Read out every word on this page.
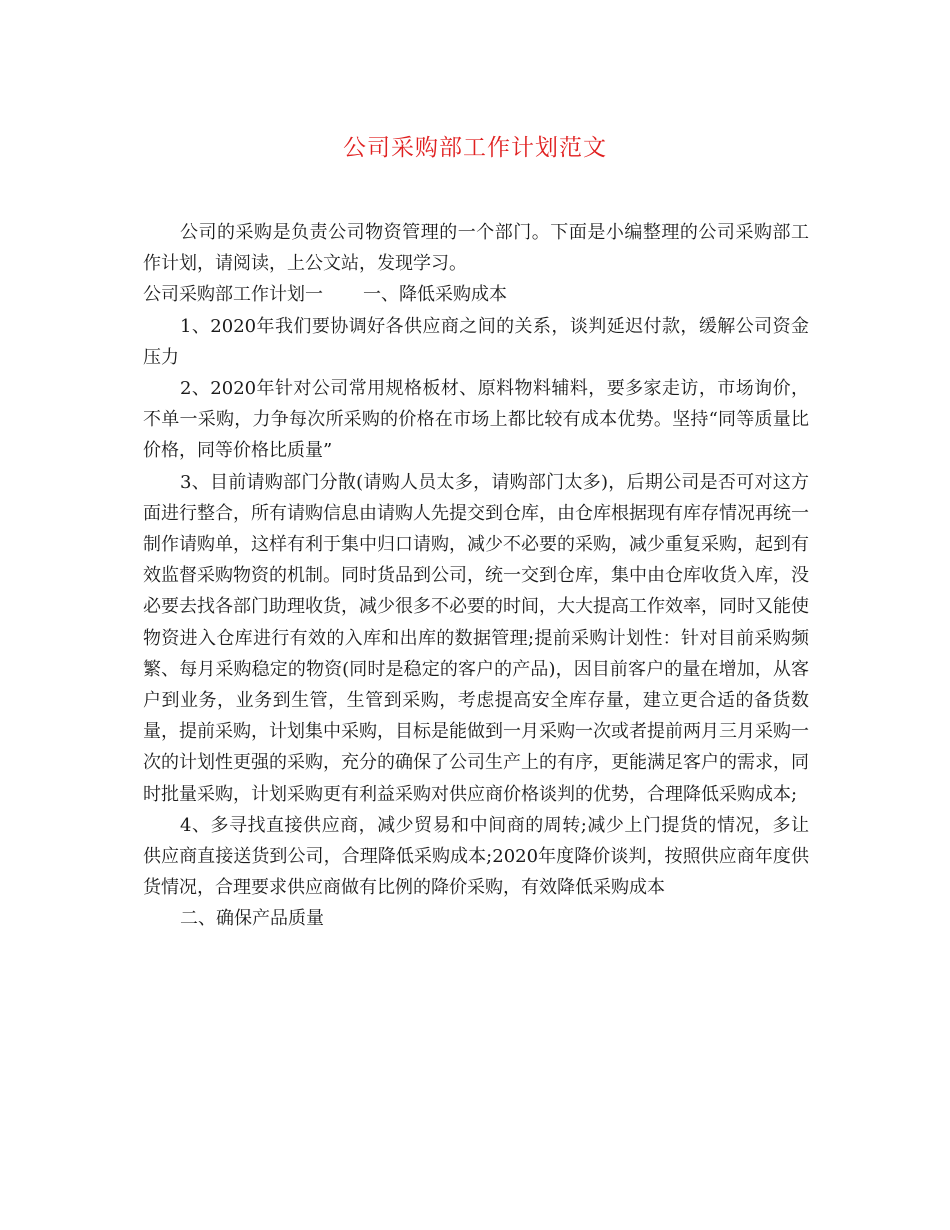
公司采购部工作计划范文

公司的采购是负责公司物资管理的一个部门。下面是小编整理的公司采购部工作计划，请阅读，上公文站，发现学习。

公司采购部工作计划一	一、降低采购成本

1、2020年我们要协调好各供应商之间的关系，谈判延迟付款，缓解公司资金压力

2、2020年针对公司常用规格板材、原料物料辅料，要多家走访，市场询价，不单一采购，力争每次所采购的价格在市场上都比较有成本优势。坚持“同等质量比价格，同等价格比质量”

3、目前请购部门分散(请购人员太多，请购部门太多)，后期公司是否可对这方面进行整合，所有请购信息由请购人先提交到仓库，由仓库根据现有库存情况再统一制作请购单，这样有利于集中归口请购，减少不必要的采购，减少重复采购，起到有效监督采购物资的机制。同时货品到公司，统一交到仓库，集中由仓库收货入库，没必要去找各部门助理收货，减少很多不必要的时间，大大提高工作效率，同时又能使物资进入仓库进行有效的入库和出库的数据管理;提前采购计划性：针对目前采购频繁、每月采购稳定的物资(同时是稳定的客户的产品)，因目前客户的量在增加，从客户到业务，业务到生管，生管到采购，考虑提高安全库存量，建立更合适的备货数量，提前采购，计划集中采购，目标是能做到一月采购一次或者提前两月三月采购一次的计划性更强的采购，充分的确保了公司生产上的有序，更能满足客户的需求，同时批量采购，计划采购更有利益采购对供应商价格谈判的优势，合理降低采购成本;

4、多寻找直接供应商，减少贸易和中间商的周转;减少上门提货的情况，多让供应商直接送货到公司，合理降低采购成本;2020年度降价谈判，按照供应商年度供货情况，合理要求供应商做有比例的降价采购，有效降低采购成本

二、确保产品质量
